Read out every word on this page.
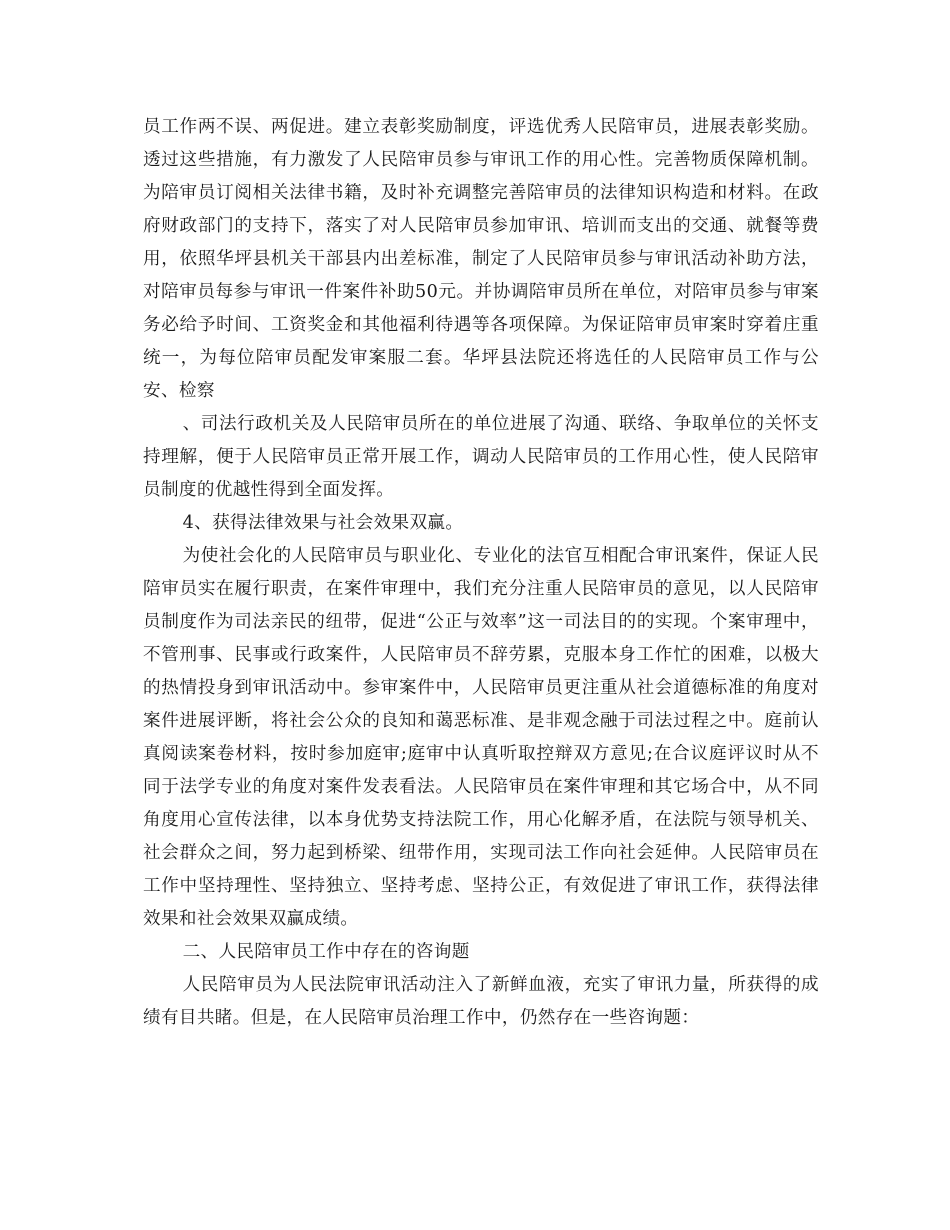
员工作两不误、两促进。建立表彰奖励制度，评选优秀人民陪审员，进展表彰奖励。透过这些措施，有力激发了人民陪审员参与审讯工作的用心性。完善物质保障机制。为陪审员订阅相关法律书籍，及时补充调整完善陪审员的法律知识构造和材料。在政府财政部门的支持下，落实了对人民陪审员参加审讯、培训而支出的交通、就餐等费用，依照华坪县机关干部县内出差标准，制定了人民陪审员参与审讯活动补助方法，对陪审员每参与审讯一件案件补助50元。并协调陪审员所在单位，对陪审员参与审案务必给予时间、工资奖金和其他福利待遇等各项保障。为保证陪审员审案时穿着庄重统一，为每位陪审员配发审案服二套。华坪县法院还将选任的人民陪审员工作与公安、检察

、司法行政机关及人民陪审员所在的单位进展了沟通、联络、争取单位的关怀支持理解，便于人民陪审员正常开展工作，调动人民陪审员的工作用心性，使人民陪审员制度的优越性得到全面发挥。

4、获得法律效果与社会效果双赢。

为使社会化的人民陪审员与职业化、专业化的法官互相配合审讯案件，保证人民陪审员实在履行职责，在案件审理中，我们充分注重人民陪审员的意见，以人民陪审员制度作为司法亲民的纽带，促进“公正与效率”这一司法目的的实现。个案审理中，不管刑事、民事或行政案件，人民陪审员不辞劳累，克服本身工作忙的困难，以极大的热情投身到审讯活动中。参审案件中，人民陪审员更注重从社会道德标准的角度对案件进展评断，将社会公众的良知和蔼恶标准、是非观念融于司法过程之中。庭前认真阅读案卷材料，按时参加庭审;庭审中认真听取控辩双方意见;在合议庭评议时从不同于法学专业的角度对案件发表看法。人民陪审员在案件审理和其它场合中，从不同角度用心宣传法律，以本身优势支持法院工作，用心化解矛盾，在法院与领导机关、社会群众之间，努力起到桥梁、纽带作用，实现司法工作向社会延伸。人民陪审员在工作中坚持理性、坚持独立、坚持考虑、坚持公正，有效促进了审讯工作，获得法律效果和社会效果双赢成绩。

二、人民陪审员工作中存在的咨询题

人民陪审员为人民法院审讯活动注入了新鲜血液，充实了审讯力量，所获得的成绩有目共睹。但是，在人民陪审员治理工作中，仍然存在一些咨询题：
